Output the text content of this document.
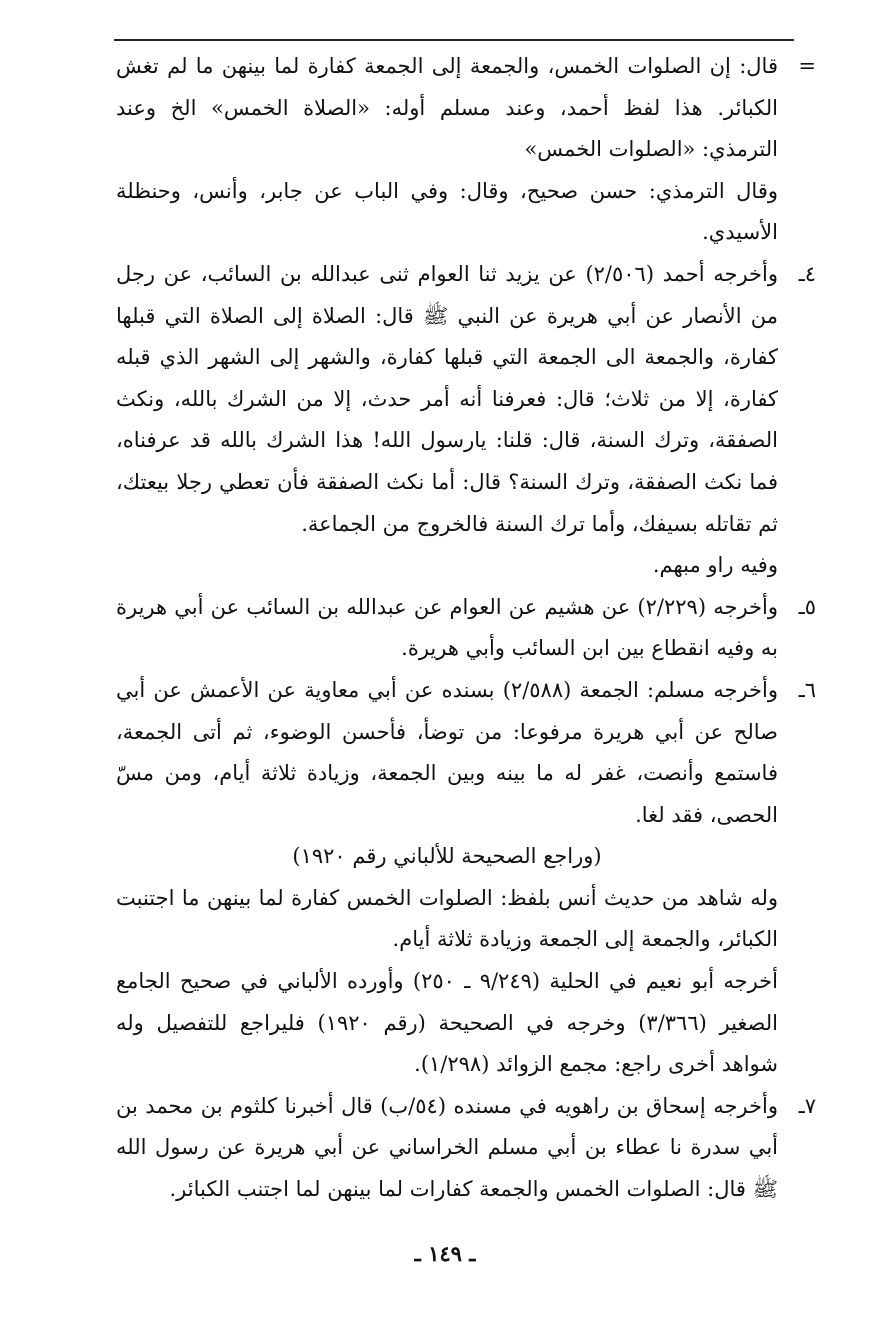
=
قال: إن الصلوات الخمس، والجمعة إلى الجمعة كفارة لما بينهن ما لم تغش الكبائر. هذا لفظ أحمد، وعند مسلم أوله: «الصلاة الخمس» الخ وعند الترمذي: «الصلوات الخمس»
وقال الترمذي: حسن صحيح، وقال: وفي الباب عن جابر، وأنس، وحنظلة الأسيدي.
٤ـ
وأخرجه أحمد (٢/٥٠٦) عن يزيد ثنا العوام ثنى عبدالله بن السائب، عن رجل من الأنصار عن أبي هريرة عن النبي ﷺ قال: الصلاة إلى الصلاة التي قبلها كفارة، والجمعة الى الجمعة التي قبلها كفارة، والشهر إلى الشهر الذي قبله كفارة، إلا من ثلاث؛ قال: فعرفنا أنه أمر حدث، إلا من الشرك بالله، ونكث الصفقة، وترك السنة، قال: قلنا: يارسول الله! هذا الشرك بالله قد عرفناه، فما نكث الصفقة، وترك السنة؟ قال: أما نكث الصفقة فأن تعطي رجلا بيعتك، ثم تقاتله بسيفك، وأما ترك السنة فالخروج من الجماعة.
وفيه راو مبهم.
٥ـ
وأخرجه (٢/٢٢٩) عن هشيم عن العوام عن عبدالله بن السائب عن أبي هريرة به وفيه انقطاع بين ابن السائب وأبي هريرة.
٦ـ
وأخرجه مسلم: الجمعة (٢/٥٨٨) بسنده عن أبي معاوية عن الأعمش عن أبي صالح عن أبي هريرة مرفوعا: من توضأ، فأحسن الوضوء، ثم أتى الجمعة، فاستمع وأنصت، غفر له ما بينه وبين الجمعة، وزيادة ثلاثة أيام، ومن مسّ الحصى، فقد لغا.
(وراجع الصحيحة للألباني رقم ١٩٢٠)
وله شاهد من حديث أنس بلفظ: الصلوات الخمس كفارة لما بينهن ما اجتنبت الكبائر، والجمعة إلى الجمعة وزيادة ثلاثة أيام.
أخرجه أبو نعيم في الحلية (٩/٢٤٩ ـ ٢٥٠) وأورده الألباني في صحيح الجامع الصغير (٣/٣٦٦) وخرجه في الصحيحة (رقم ١٩٢٠) فليراجع للتفصيل وله شواهد أخرى راجع: مجمع الزوائد (١/٢٩٨).
٧ـ
وأخرجه إسحاق بن راهويه في مسنده (٥٤/ب) قال أخبرنا كلثوم بن محمد بن أبي سدرة نا عطاء بن أبي مسلم الخراساني عن أبي هريرة عن رسول الله ﷺ قال: الصلوات الخمس والجمعة كفارات لما بينهن لما اجتنب الكبائر.
ـ ١٤٩ ـ
